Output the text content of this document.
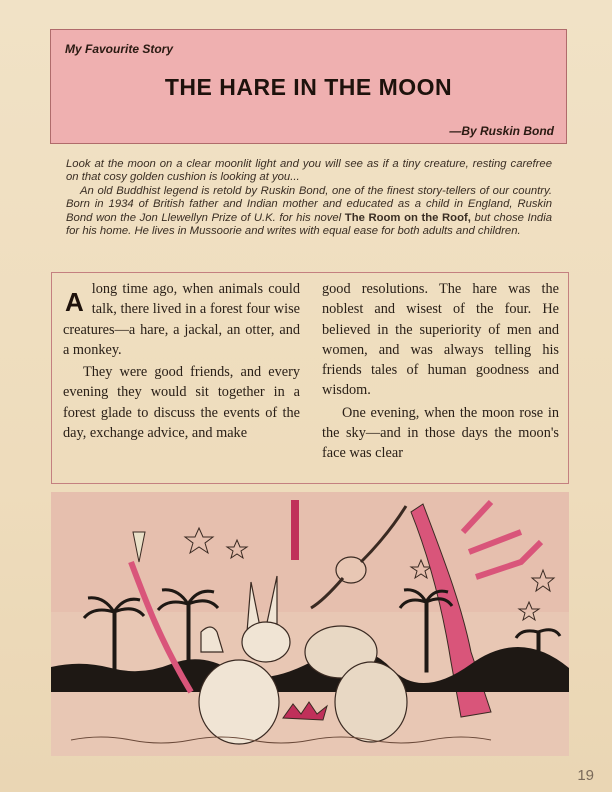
My Favourite Story
THE HARE IN THE MOON
—By Ruskin Bond

Look at the moon on a clear moonlit light and you will see as if a tiny creature, resting carefree on that cosy golden cushion is looking at you...

An old Buddhist legend is retold by Ruskin Bond, one of the finest story-tellers of our country. Born in 1934 of British father and Indian mother and educated as a child in England, Ruskin Bond won the Jon Llewellyn Prize of U.K. for his novel The Room on the Roof, but chose India for his home. He lives in Mussoorie and writes with equal ease for both adults and children.

Along time ago, when animals could talk, there lived in a forest four wise creatures—a hare, a jackal, an otter, and a monkey.

They were good friends, and every evening they would sit together in a forest glade to discuss the events of the day, exchange advice, and make

good resolutions. The hare was the noblest and wisest of the four. He believed in the superiority of men and women, and was always telling his friends tales of human goodness and wisdom.

One evening, when the moon rose in the sky—and in those days the moon's face was clear

19
